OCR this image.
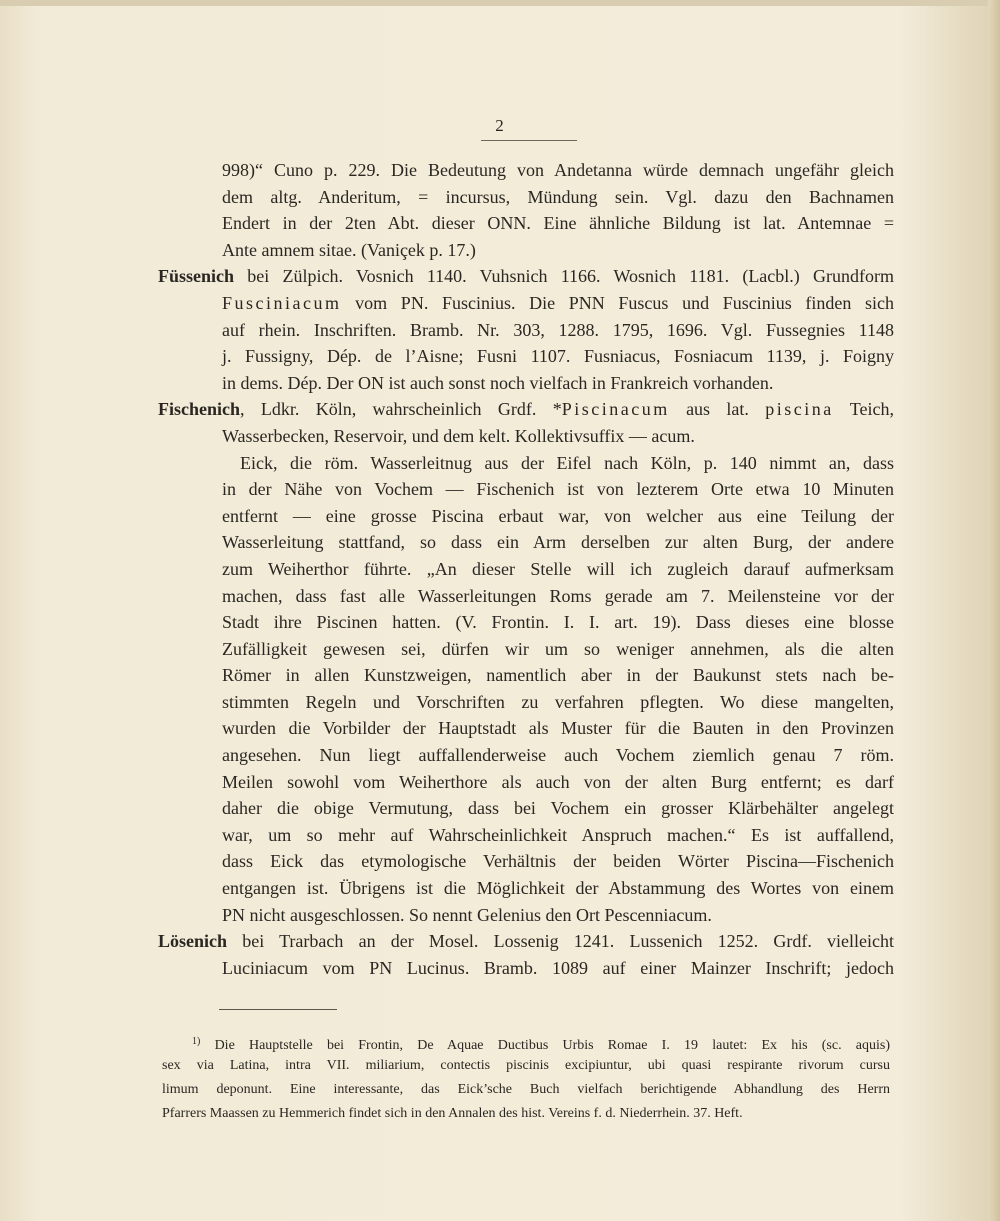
2
998)“ Cuno p. 229. Die Bedeutung von Andetanna würde demnach ungefähr gleich
dem altg. Anderitum, = incursus, Mündung sein. Vgl. dazu den Bachnamen
Endert in der 2ten Abt. dieser ONN. Eine ähnliche Bildung ist lat. Antemnae =
Ante amnem sitae. (Vaniçek p. 17.)
Füssenich bei Zülpich. Vosnich 1140. Vuhsnich 1166. Wosnich 1181. (Lacbl.) Grundform
Fusciniacum vom PN. Fuscinius. Die PNN Fuscus und Fuscinius finden sich
auf rhein. Inschriften. Bramb. Nr. 303, 1288. 1795, 1696. Vgl. Fussegnies 1148
j. Fussigny, Dép. de l’Aisne; Fusni 1107. Fusniacus, Fosniacum 1139, j. Foigny
in dems. Dép. Der ON ist auch sonst noch vielfach in Frankreich vorhanden.
Fischenich, Ldkr. Köln, wahrscheinlich Grdf. *Piscinacum aus lat. piscina Teich,
Wasserbecken, Reservoir, und dem kelt. Kollektivsuffix — acum.
Eick, die röm. Wasserleitnug aus der Eifel nach Köln, p. 140 nimmt an, dass
in der Nähe von Vochem — Fischenich ist von lezterem Orte etwa 10 Minuten
entfernt — eine grosse Piscina erbaut war, von welcher aus eine Teilung der
Wasserleitung stattfand, so dass ein Arm derselben zur alten Burg, der andere
zum Weiherthor führte. „An dieser Stelle will ich zugleich darauf aufmerksam
machen, dass fast alle Wasserleitungen Roms gerade am 7. Meilensteine vor der
Stadt ihre Piscinen hatten. (V. Frontin. I. I. art. 19). Dass dieses eine blosse
Zufälligkeit gewesen sei, dürfen wir um so weniger annehmen, als die alten
Römer in allen Kunstzweigen, namentlich aber in der Baukunst stets nach be-
stimmten Regeln und Vorschriften zu verfahren pflegten. Wo diese mangelten,
wurden die Vorbilder der Hauptstadt als Muster für die Bauten in den Provinzen
angesehen. Nun liegt auffallenderweise auch Vochem ziemlich genau 7 röm.
Meilen sowohl vom Weiherthore als auch von der alten Burg entfernt; es darf
daher die obige Vermutung, dass bei Vochem ein grosser Klärbehälter angelegt
war, um so mehr auf Wahrscheinlichkeit Anspruch machen.“ Es ist auffallend,
dass Eick das etymologische Verhältnis der beiden Wörter Piscina—Fischenich
entgangen ist. Übrigens ist die Möglichkeit der Abstammung des Wortes von einem
PN nicht ausgeschlossen. So nennt Gelenius den Ort Pescenniacum.
Lösenich bei Trarbach an der Mosel. Lossenig 1241. Lussenich 1252. Grdf. vielleicht
Luciniacum vom PN Lucinus. Bramb. 1089 auf einer Mainzer Inschrift; jedoch
$^{1)}$ Die Hauptstelle bei Frontin, De Aquae Ductibus Urbis Romae I. 19 lautet: Ex his (sc. aquis)
sex via Latina, intra VII. miliarium, contectis piscinis excipiuntur, ubi quasi respirante rivorum cursu
limum deponunt. Eine interessante, das Eick’sche Buch vielfach berichtigende Abhandlung des Herrn
Pfarrers Maassen zu Hemmerich findet sich in den Annalen des hist. Vereins f. d. Niederrhein. 37. Heft.
